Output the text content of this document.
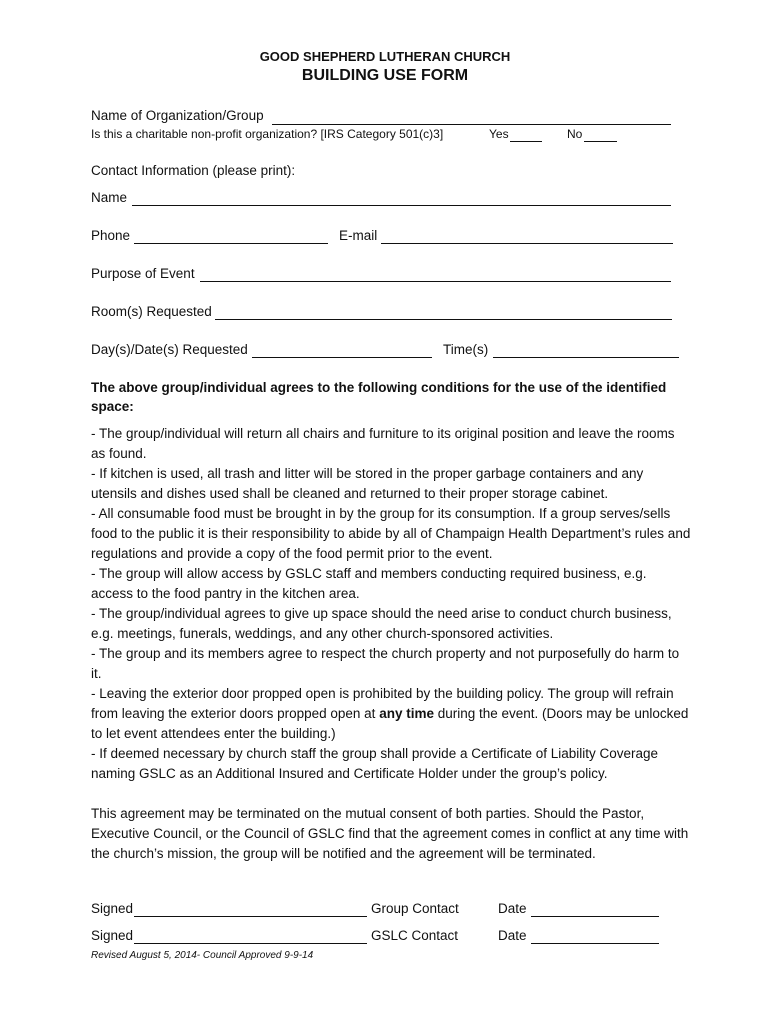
GOOD SHEPHERD LUTHERAN CHURCH
BUILDING USE FORM
Name of Organization/Group
Is this a charitable non-profit organization? [IRS Category 501(c)3]	Yes	No
Contact Information (please print):
Name
Phone	E-mail
Purpose of Event
Room(s) Requested
Day(s)/Date(s) Requested	Time(s)
The above group/individual agrees to the following conditions for the use of the identified space:

- The group/individual will return all chairs and furniture to its original position and leave the rooms as found.

- If kitchen is used, all trash and litter will be stored in the proper garbage containers and any utensils and dishes used shall be cleaned and returned to their proper storage cabinet.

- All consumable food must be brought in by the group for its consumption. If a group serves/sells food to the public it is their responsibility to abide by all of Champaign Health Department’s rules and regulations and provide a copy of the food permit prior to the event.

- The group will allow access by GSLC staff and members conducting required business, e.g. access to the food pantry in the kitchen area.

- The group/individual agrees to give up space should the need arise to conduct church business, e.g. meetings, funerals, weddings, and any other church-sponsored activities.

- The group and its members agree to respect the church property and not purposefully do harm to it.

- Leaving the exterior door propped open is prohibited by the building policy. The group will refrain from leaving the exterior doors propped open at any time during the event. (Doors may be unlocked to let event attendees enter the building.)

- If deemed necessary by church staff the group shall provide a Certificate of Liability Coverage naming GSLC as an Additional Insured and Certificate Holder under the group’s policy.

This agreement may be terminated on the mutual consent of both parties. Should the Pastor, Executive Council, or the Council of GSLC find that the agreement comes in conflict at any time with the church’s mission, the group will be notified and the agreement will be terminated.
Signed	Group Contact	Date
Signed	GSLC Contact	Date
Revised August 5, 2014- Council Approved 9-9-14
